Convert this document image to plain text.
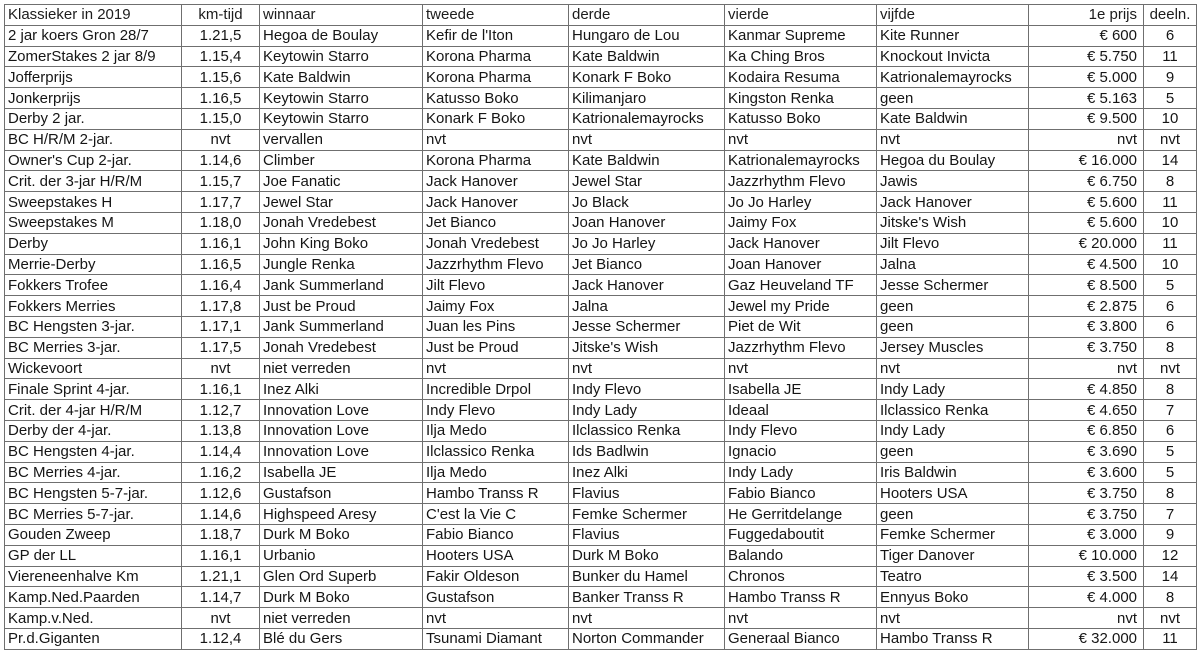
Klassieker in 2019	km-tijd	winnaar	tweede	derde	vierde	vijfde	1e prijs	deeln.
2 jar koers Gron 28/7	1.21,5	Hegoa de Boulay	Kefir de l'Iton	Hungaro de Lou	Kanmar Supreme	Kite Runner	€ 600	6
ZomerStakes 2 jar 8/9	1.15,4	Keytowin Starro	Korona Pharma	Kate Baldwin	Ka Ching Bros	Knockout Invicta	€ 5.750	11
Jofferprijs	1.15,6	Kate Baldwin	Korona Pharma	Konark F Boko	Kodaira Resuma	Katrionalemayrocks	€ 5.000	9
Jonkerprijs	1.16,5	Keytowin Starro	Katusso Boko	Kilimanjaro	Kingston Renka	geen	€ 5.163	5
Derby 2 jar.	1.15,0	Keytowin Starro	Konark F Boko	Katrionalemayrocks	Katusso Boko	Kate Baldwin	€ 9.500	10
BC H/R/M 2-jar.	nvt	vervallen	nvt	nvt	nvt	nvt	nvt	nvt
Owner's Cup 2-jar.	1.14,6	Climber	Korona Pharma	Kate Baldwin	Katrionalemayrocks	Hegoa du Boulay	€ 16.000	14
Crit. der 3-jar H/R/M	1.15,7	Joe Fanatic	Jack Hanover	Jewel Star	Jazzrhythm Flevo	Jawis	€ 6.750	8
Sweepstakes H	1.17,7	Jewel Star	Jack Hanover	Jo Black	Jo Jo Harley	Jack Hanover	€ 5.600	11
Sweepstakes M	1.18,0	Jonah Vredebest	Jet Bianco	Joan Hanover	Jaimy Fox	Jitske's Wish	€ 5.600	10
Derby	1.16,1	John King Boko	Jonah Vredebest	Jo Jo Harley	Jack Hanover	Jilt Flevo	€ 20.000	11
Merrie-Derby	1.16,5	Jungle Renka	Jazzrhythm Flevo	Jet Bianco	Joan Hanover	Jalna	€ 4.500	10
Fokkers Trofee	1.16,4	Jank Summerland	Jilt Flevo	Jack Hanover	Gaz Heuveland TF	Jesse Schermer	€ 8.500	5
Fokkers Merries	1.17,8	Just be Proud	Jaimy Fox	Jalna	Jewel my Pride	geen	€ 2.875	6
BC Hengsten 3-jar.	1.17,1	Jank Summerland	Juan les Pins	Jesse Schermer	Piet de Wit	geen	€ 3.800	6
BC Merries 3-jar.	1.17,5	Jonah Vredebest	Just be Proud	Jitske's Wish	Jazzrhythm Flevo	Jersey Muscles	€ 3.750	8
Wickevoort	nvt	niet verreden	nvt	nvt	nvt	nvt	nvt	nvt
Finale Sprint 4-jar.	1.16,1	Inez Alki	Incredible Drpol	Indy Flevo	Isabella JE	Indy Lady	€ 4.850	8
Crit. der 4-jar H/R/M	1.12,7	Innovation Love	Indy Flevo	Indy Lady	Ideaal	Ilclassico Renka	€ 4.650	7
Derby der 4-jar.	1.13,8	Innovation Love	Ilja Medo	Ilclassico Renka	Indy Flevo	Indy Lady	€ 6.850	6
BC Hengsten 4-jar.	1.14,4	Innovation Love	Ilclassico Renka	Ids Badlwin	Ignacio	geen	€ 3.690	5
BC Merries 4-jar.	1.16,2	Isabella JE	Ilja Medo	Inez Alki	Indy Lady	Iris Baldwin	€ 3.600	5
BC Hengsten 5-7-jar.	1.12,6	Gustafson	Hambo Transs R	Flavius	Fabio Bianco	Hooters USA	€ 3.750	8
BC Merries 5-7-jar.	1.14,6	Highspeed Aresy	C'est la Vie C	Femke Schermer	He Gerritdelange	geen	€ 3.750	7
Gouden Zweep	1.18,7	Durk M Boko	Fabio Bianco	Flavius	Fuggedaboutit	Femke Schermer	€ 3.000	9
GP der LL	1.16,1	Urbanio	Hooters USA	Durk M Boko	Balando	Tiger Danover	€ 10.000	12
Viereneenhalve Km	1.21,1	Glen Ord Superb	Fakir Oldeson	Bunker du Hamel	Chronos	Teatro	€ 3.500	14
Kamp.Ned.Paarden	1.14,7	Durk M Boko	Gustafson	Banker Transs R	Hambo Transs R	Ennyus Boko	€ 4.000	8
Kamp.v.Ned.	nvt	niet verreden	nvt	nvt	nvt	nvt	nvt	nvt
Pr.d.Giganten	1.12,4	Blé du Gers	Tsunami Diamant	Norton Commander	Generaal Bianco	Hambo Transs R	€ 32.000	11
